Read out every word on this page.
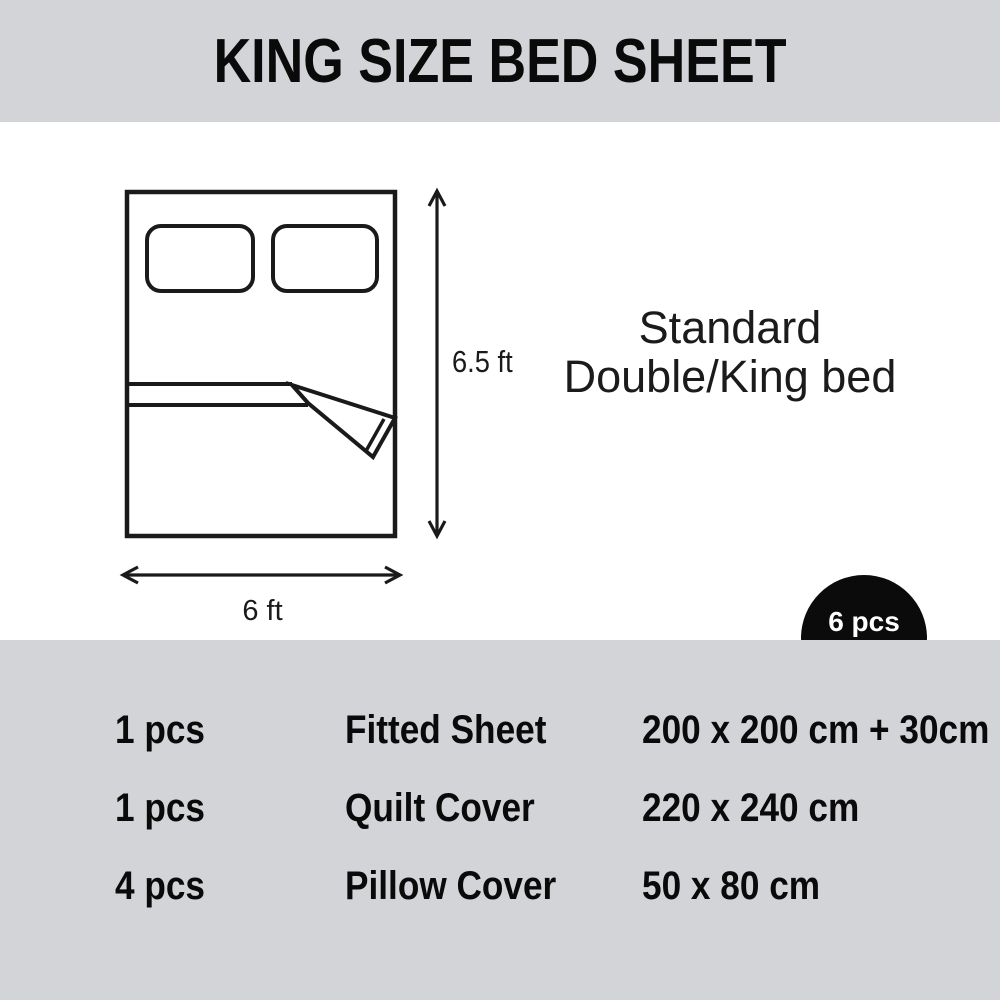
KING SIZE BED SHEET
6.5 ft
6 ft
Standard
Double/King bed
6 pcs
1 pcs	Fitted Sheet 200 x 200 cm + 30cm
1 pcs	Quilt Cover	220 x 240 cm
4 pcs	Pillow Cover 50 x 80 cm
